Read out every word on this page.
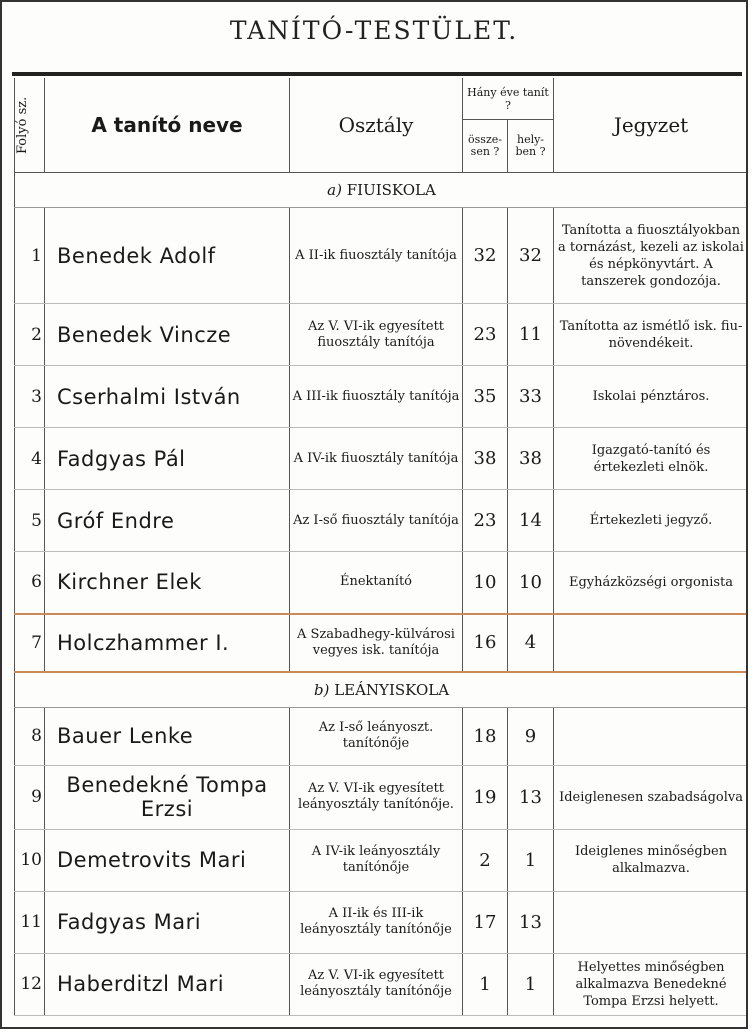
TANÍTÓ-TESTÜLET.
Folyó sz.	A tanító neve	Osztály	Hány éve tanít ?		Jegyzet
			össze- sen ?	hely- ben ?	
a) FIUISKOLA					
1	Benedek Adolf	A II-ik fiuosztály tanítója	32	32	Tanította a fiuosztályokban a tornázást, kezeli az iskolai és népkönyvtárt. A tanszerek gondozója.
2	Benedek Vincze	Az V. VI-ik egyesített fiuosztály tanítója	23	11	Tanította az ismétlő isk. fiu-növendékeit.
3	Cserhalmi István	A III-ik fiuosztály tanítója	35	33	Iskolai pénztáros.
4	Fadgyas Pál	A IV-ik fiuosztály tanítója	38	38	Igazgató-tanító és értekezleti elnök.
5	Gróf Endre	Az I-ső fiuosztály tanítója	23	14	Értekezleti jegyző.
6	Kirchner Elek	Énektanító	10	10	Egyházközségi orgonista
7	Holczhammer I.	A Szabadhegy-külvárosi vegyes isk. tanítója	16	4	
b) LEÁNYISKOLA					
8	Bauer Lenke	Az I-ső leányoszt. tanítónője	18	9	
9	Benedekné Tompa Erzsi	Az V. VI-ik egyesített leányosztály tanítónője.	19	13	Ideiglenesen szabadságolva
10	Demetrovits Mari	A IV-ik leányosztály tanítónője	2	1	Ideiglenes minőségben alkalmazva.
11	Fadgyas Mari	A II-ik és III-ik leányosztály tanítónője	17	13	
12	Haberditzl Mari	Az V. VI-ik egyesített leányosztály tanítónője	1	1	Helyettes minőségben alkalmazva Benedekné Tompa Erzsi helyett.
